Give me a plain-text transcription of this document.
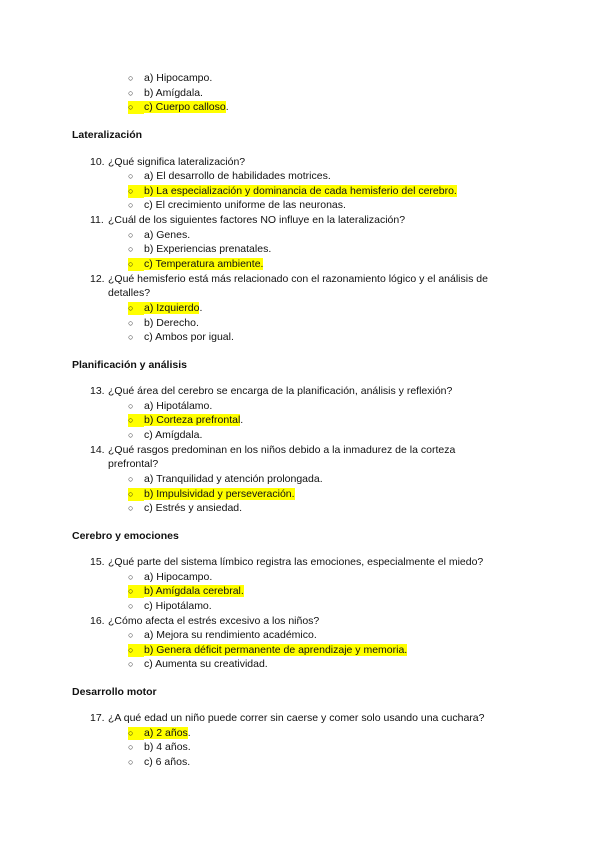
○ a) Hipocampo.
○ b) Amígdala.
○ c) Cuerpo calloso.
Lateralización
10. ¿Qué significa lateralización?
○ a) El desarrollo de habilidades motrices.
○ b) La especialización y dominancia de cada hemisferio del cerebro.
○ c) El crecimiento uniforme de las neuronas.
11. ¿Cuál de los siguientes factores NO influye en la lateralización?
○ a) Genes.
○ b) Experiencias prenatales.
○ c) Temperatura ambiente.
12. ¿Qué hemisferio está más relacionado con el razonamiento lógico y el análisis de
detalles?
○ a) Izquierdo.
○ b) Derecho.
○ c) Ambos por igual.
Planificación y análisis
13. ¿Qué área del cerebro se encarga de la planificación, análisis y reflexión?
○ a) Hipotálamo.
○ b) Corteza prefrontal.
○ c) Amígdala.
14. ¿Qué rasgos predominan en los niños debido a la inmadurez de la corteza
prefrontal?
○ a) Tranquilidad y atención prolongada.
○ b) Impulsividad y perseveración.
○ c) Estrés y ansiedad.
Cerebro y emociones
15. ¿Qué parte del sistema límbico registra las emociones, especialmente el miedo?
○ a) Hipocampo.
○ b) Amígdala cerebral.
○ c) Hipotálamo.
16. ¿Cómo afecta el estrés excesivo a los niños?
○ a) Mejora su rendimiento académico.
○ b) Genera déficit permanente de aprendizaje y memoria.
○ c) Aumenta su creatividad.
Desarrollo motor
17. ¿A qué edad un niño puede correr sin caerse y comer solo usando una cuchara?
○ a) 2 años.
○ b) 4 años.
○ c) 6 años.
